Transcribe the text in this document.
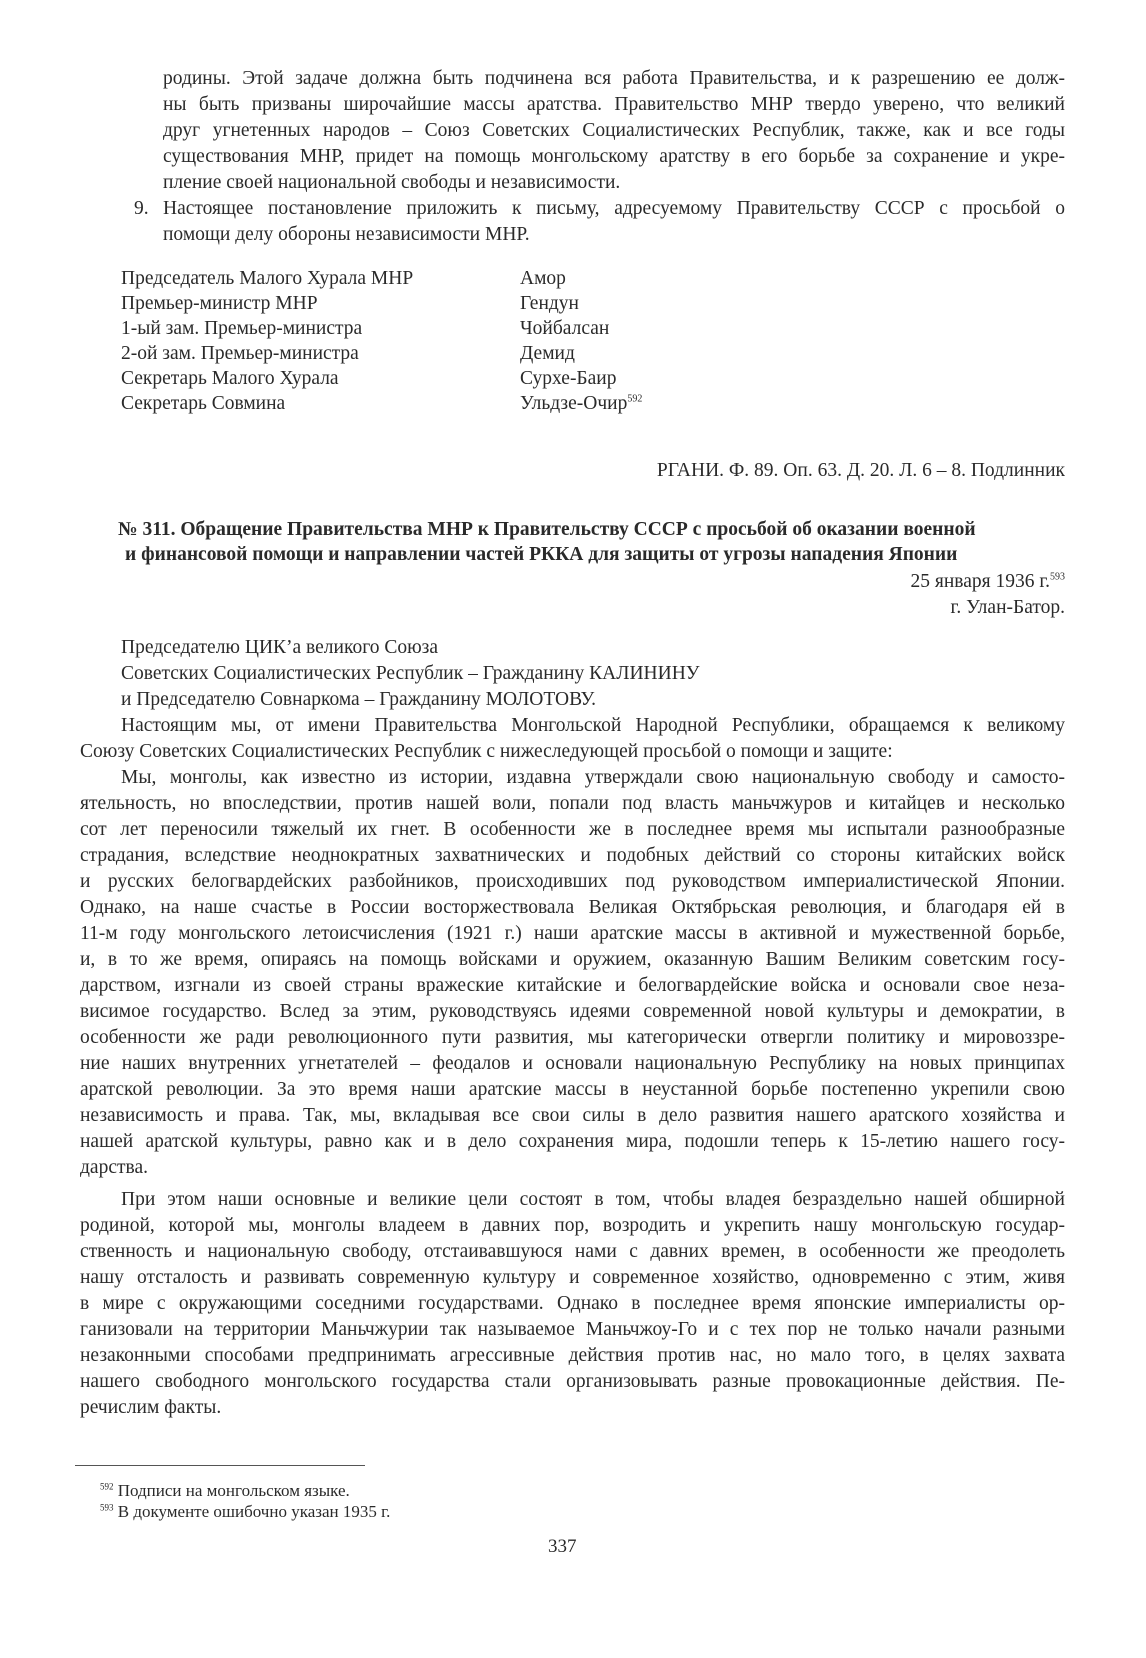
родины. Этой задаче должна быть подчинена вся работа Правительства, и к разрешению ее долж-
ны быть призваны широчайшие массы аратства. Правительство МНР твердо уверено, что великий
друг угнетенных народов – Союз Советских Социалистических Республик, также, как и все годы
существования МНР, придет на помощь монгольскому аратству в его борьбе за сохранение и укре-
пление своей национальной свободы и независимости.
9. Настоящее постановление приложить к письму, адресуемому Правительству СССР с просьбой о
помощи делу обороны независимости МНР.
Председатель Малого Хурала МНР	Амор
Премьер-министр МНР	Гендун
1-ый зам. Премьер-министра	Чойбалсан
2-ой зам. Премьер-министра	Демид
Секретарь Малого Хурала	Сурхе-Баир
Секретарь Совмина	Ульдзе-Очир$^{592}$
РГАНИ. Ф. 89. Оп. 63. Д. 20. Л. 6 – 8. Подлинник
№ 311. Обращение Правительства МНР к Правительству СССР с просьбой об оказании военной
и финансовой помощи и направлении частей РККА для защиты от угрозы нападения Японии
25 января 1936 г.$^{593}$
г. Улан-Батор.
Председателю ЦИК’а великого Союза
Советских Социалистических Республик – Гражданину КАЛИНИНУ
и Председателю Совнаркома – Гражданину МОЛОТОВУ.
Настоящим мы, от имени Правительства Монгольской Народной Республики, обращаемся к великому
Союзу Советских Социалистических Республик с нижеследующей просьбой о помощи и защите:
Мы, монголы, как известно из истории, издавна утверждали свою национальную свободу и самосто-
ятельность, но впоследствии, против нашей воли, попали под власть маньчжуров и китайцев и несколько
сот лет переносили тяжелый их гнет. В особенности же в последнее время мы испытали разнообразные
страдания, вследствие неоднократных захватнических и подобных действий со стороны китайских войск
и русских белогвардейских разбойников, происходивших под руководством империалистической Японии.
Однако, на наше счастье в России восторжествовала Великая Октябрьская революция, и благодаря ей в
11-м году монгольского летоисчисления (1921 г.) наши аратские массы в активной и мужественной борьбе,
и, в то же время, опираясь на помощь войсками и оружием, оказанную Вашим Великим советским госу-
дарством, изгнали из своей страны вражеские китайские и белогвардейские войска и основали свое неза-
висимое государство. Вслед за этим, руководствуясь идеями современной новой культуры и демократии, в
особенности же ради революционного пути развития, мы категорически отвергли политику и мировоззре-
ние наших внутренних угнетателей – феодалов и основали национальную Республику на новых принципах
аратской революции. За это время наши аратские массы в неустанной борьбе постепенно укрепили свою
независимость и права. Так, мы, вкладывая все свои силы в дело развития нашего аратского хозяйства и
нашей аратской культуры, равно как и в дело сохранения мира, подошли теперь к 15-летию нашего госу-
дарства.
При этом наши основные и великие цели состоят в том, чтобы владея безраздельно нашей обширной
родиной, которой мы, монголы владеем в давних пор, возродить и укрепить нашу монгольскую государ-
ственность и национальную свободу, отстаивавшуюся нами с давних времен, в особенности же преодолеть
нашу отсталость и развивать современную культуру и современное хозяйство, одновременно с этим, живя
в мире с окружающими соседними государствами. Однако в последнее время японские империалисты ор-
ганизовали на территории Маньчжурии так называемое Маньчжоу-Го и с тех пор не только начали разными
незаконными способами предпринимать агрессивные действия против нас, но мало того, в целях захвата
нашего свободного монгольского государства стали организовывать разные провокационные действия. Пе-
речислим факты.
$^{592}$ Подписи на монгольском языке.
$^{593}$ В документе ошибочно указан 1935 г.
337
